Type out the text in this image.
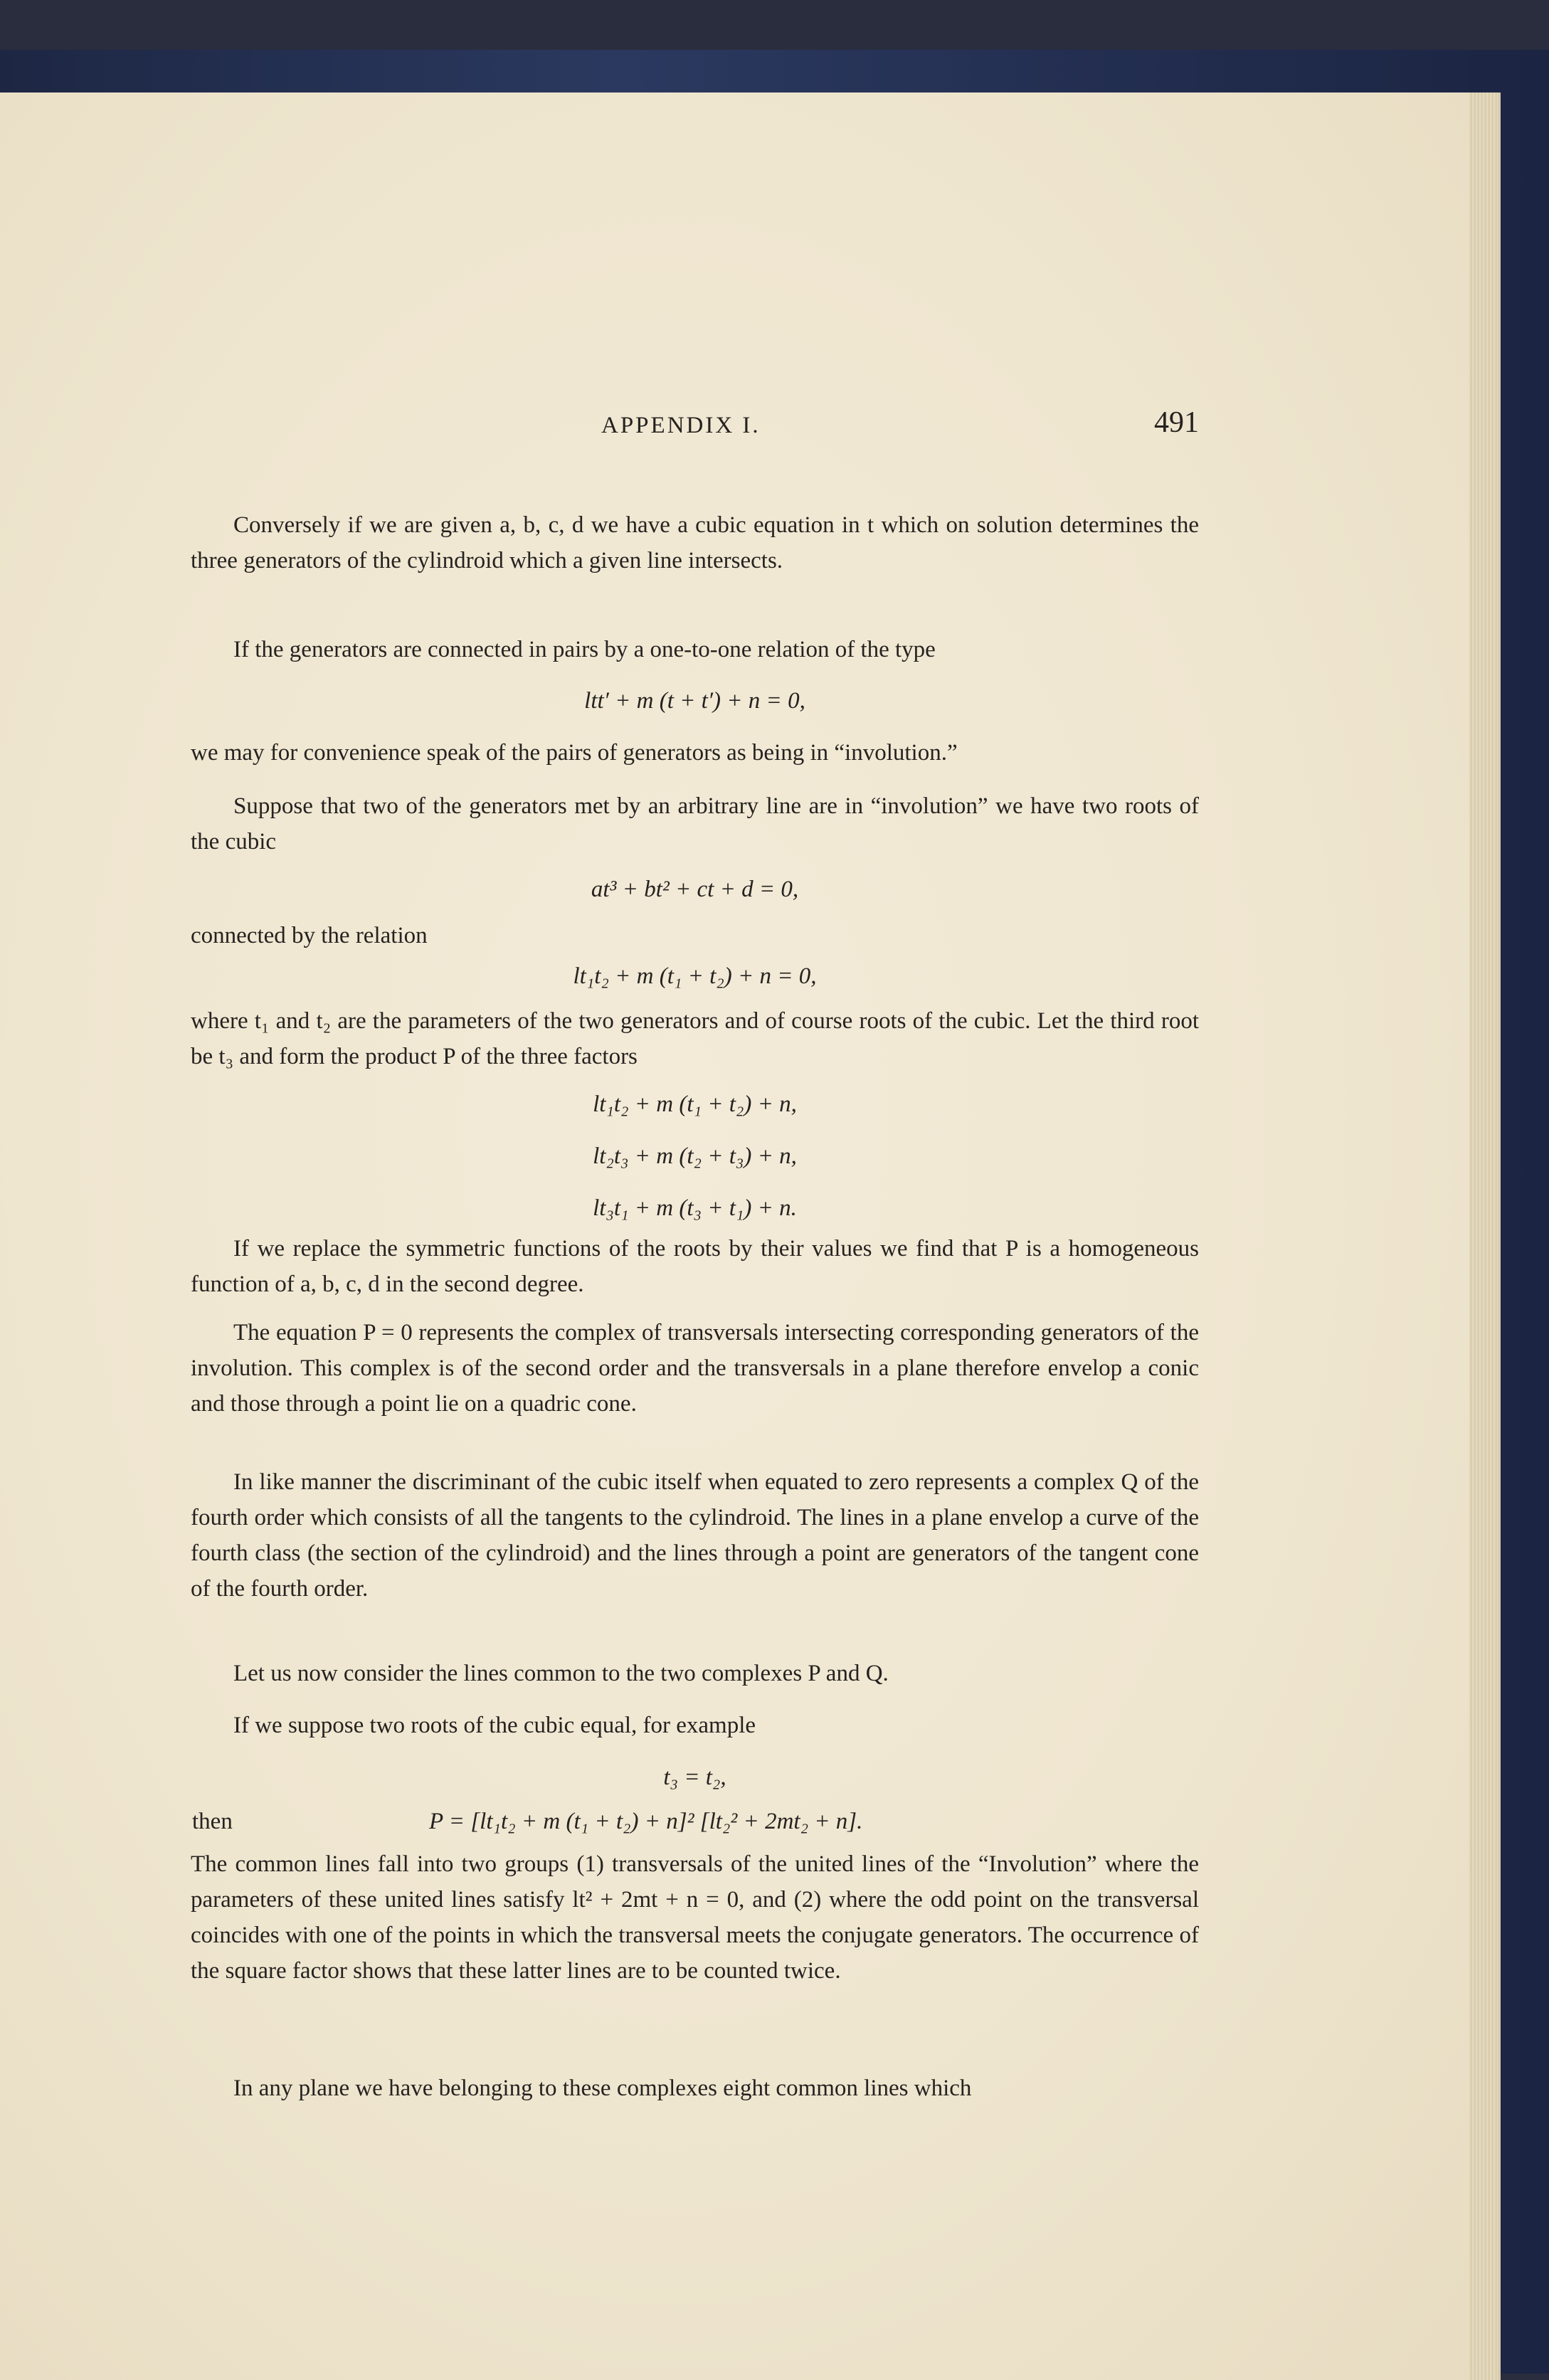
APPENDIX I.	491

Conversely if we are given a, b, c, d we have a cubic equation in t which on solution determines the three generators of the cylindroid which a given line intersects.

If the generators are connected in pairs by a one-to-one relation of the type

ltt′ + m (t + t′) + n = 0,

we may for convenience speak of the pairs of generators as being in “involution.”

Suppose that two of the generators met by an arbitrary line are in “involution” we have two roots of the cubic

at³ + bt² + ct + d = 0,

connected by the relation

lt₁t₂ + m (t₁ + t₂) + n = 0,

where t₁ and t₂ are the parameters of the two generators and of course roots of the cubic. Let the third root be t₃ and form the product P of the three factors

lt₁t₂ + m (t₁ + t₂) + n,
lt₂t₃ + m (t₂ + t₃) + n,
lt₃t₁ + m (t₃ + t₁) + n.

If we replace the symmetric functions of the roots by their values we find that P is a homogeneous function of a, b, c, d in the second degree.

The equation P = 0 represents the complex of transversals intersecting corresponding generators of the involution. This complex is of the second order and the transversals in a plane therefore envelop a conic and those through a point lie on a quadric cone.

In like manner the discriminant of the cubic itself when equated to zero represents a complex Q of the fourth order which consists of all the tangents to the cylindroid. The lines in a plane envelop a curve of the fourth class (the section of the cylindroid) and the lines through a point are generators of the tangent cone of the fourth order.

Let us now consider the lines common to the two complexes P and Q.

If we suppose two roots of the cubic equal, for example

t₃ = t₂,
then	P = [lt₁t₂ + m (t₁ + t₂) + n]² [lt₂² + 2mt₂ + n].

The common lines fall into two groups (1) transversals of the united lines of the “Involution” where the parameters of these united lines satisfy lt² + 2mt + n = 0, and (2) where the odd point on the transversal coincides with one of the points in which the transversal meets the conjugate generators. The occurrence of the square factor shows that these latter lines are to be counted twice.

In any plane we have belonging to these complexes eight common lines which
